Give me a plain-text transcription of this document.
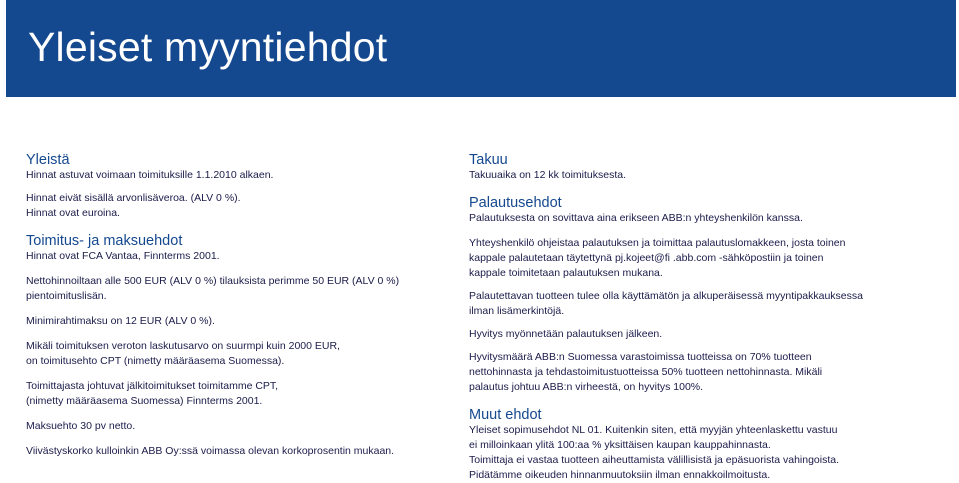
Yleiset myyntiehdot
Yleistä

Hinnat astuvat voimaan toimituksille 1.1.2010 alkaen.

Hinnat eivät sisällä arvonlisäveroa. (ALV 0 %).
Hinnat ovat euroina.

Toimitus- ja maksuehdot

Hinnat ovat FCA Vantaa, Finnterms 2001.

Nettohinnoiltaan alle 500 EUR (ALV 0 %) tilauksista perimme 50 EUR (ALV 0 %)
pientoimituslisän.

Minimirahtimaksu on 12 EUR (ALV 0 %).

Mikäli toimituksen veroton laskutusarvo on suurmpi kuin 2000 EUR,
on toimitusehto CPT (nimetty määräasema Suomessa).

Toimittajasta johtuvat jälkitoimitukset toimitamme CPT,
(nimetty määräasema Suomessa) Finnterms 2001.

Maksuehto 30 pv netto.

Viivästyskorko kulloinkin ABB Oy:ssä voimassa olevan korkoprosentin mukaan.

Takuu

Takuuaika on 12 kk toimituksesta.

Palautusehdot

Palautuksesta on sovittava aina erikseen ABB:n yhteyshenkilön kanssa.

Yhteyshenkilö ohjeistaa palautuksen ja toimittaa palautuslomakkeen, josta toinen
kappale palautetaan täytettynä pj.kojeet@fi .abb.com -sähköpostiin ja toinen
kappale toimitetaan palautuksen mukana.

Palautettavan tuotteen tulee olla käyttämätön ja alkuperäisessä myyntipakkauksessa
ilman lisämerkintöjä.

Hyvitys myönnetään palautuksen jälkeen.

Hyvitysmäärä ABB:n Suomessa varastoimissa tuotteissa on 70% tuotteen
nettohinnasta ja tehdastoimitustuotteissa 50% tuotteen nettohinnasta. Mikäli
palautus johtuu ABB:n virheestä, on hyvitys 100%.

Muut ehdot

Yleiset sopimusehdot NL 01. Kuitenkin siten, että myyjän yhteenlaskettu vastuu
ei milloinkaan ylitä 100:aa % yksittäisen kaupan kauppahinnasta.
Toimittaja ei vastaa tuotteen aiheuttamista välillisistä ja epäsuorista vahingoista.
Pidätämme oikeuden hinnanmuutoksiin ilman ennakkoilmoitusta.
